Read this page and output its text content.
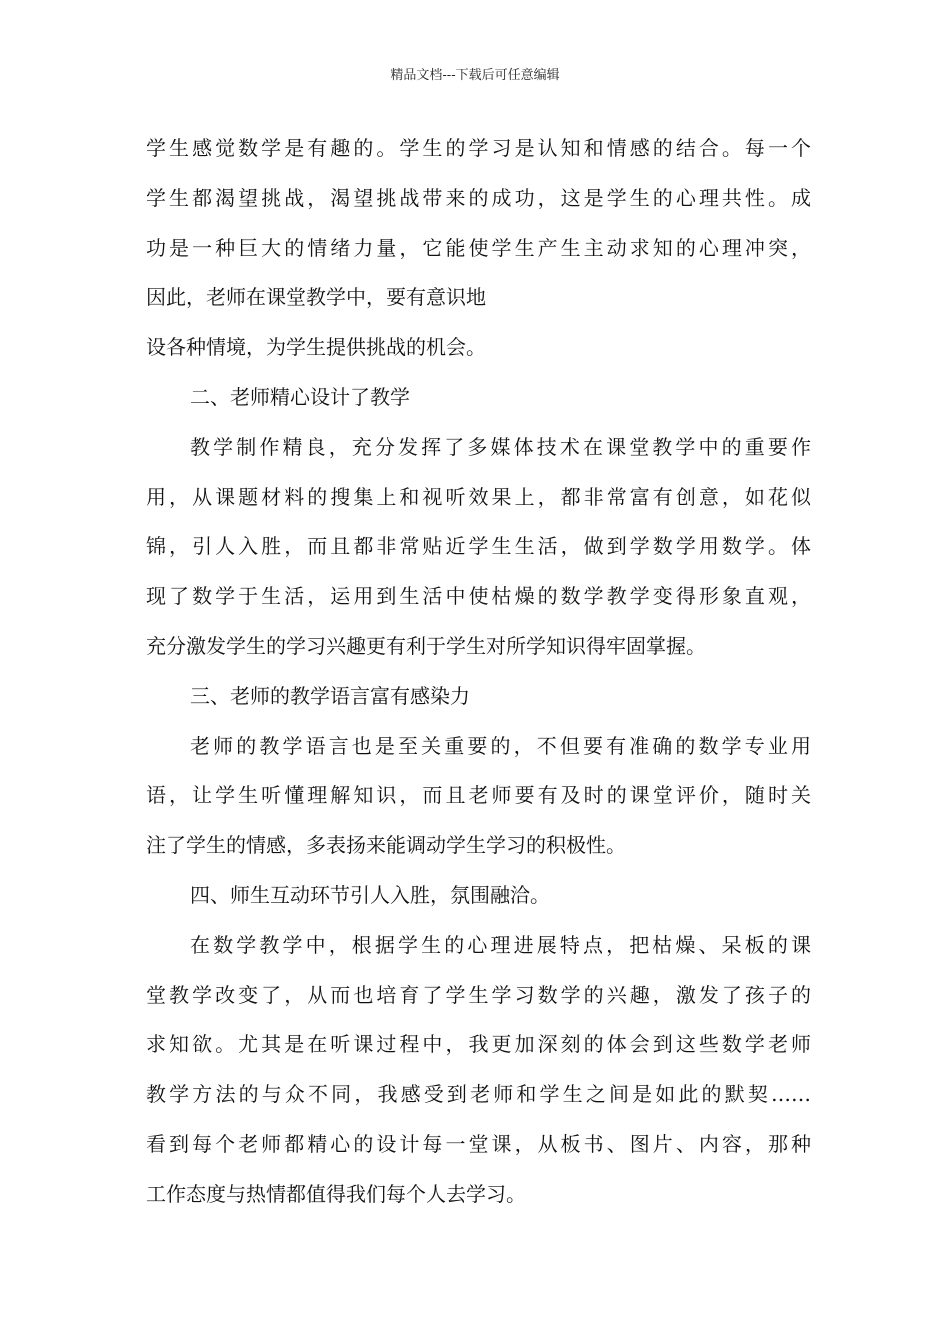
精品文档---下载后可任意编辑
学生感觉数学是有趣的。学生的学习是认知和情感的结合。每一个
学生都渴望挑战，渴望挑战带来的成功，这是学生的心理共性。成
功是一种巨大的情绪力量，它能使学生产生主动求知的心理冲突，
因此，老师在课堂教学中，要有意识地
设各种情境，为学生提供挑战的机会。
二、老师精心设计了教学
教学制作精良，充分发挥了多媒体技术在课堂教学中的重要作
用，从课题材料的搜集上和视听效果上，都非常富有创意，如花似
锦，引人入胜，而且都非常贴近学生生活，做到学数学用数学。体
现了数学于生活，运用到生活中使枯燥的数学教学变得形象直观，
充分激发学生的学习兴趣更有利于学生对所学知识得牢固掌握。
三、老师的教学语言富有感染力
老师的教学语言也是至关重要的，不但要有准确的数学专业用
语，让学生听懂理解知识，而且老师要有及时的课堂评价，随时关
注了学生的情感，多表扬来能调动学生学习的积极性。
四、师生互动环节引人入胜，氛围融洽。
在数学教学中，根据学生的心理进展特点，把枯燥、呆板的课
堂教学改变了，从而也培育了学生学习数学的兴趣，激发了孩子的
求知欲。尤其是在听课过程中，我更加深刻的体会到这些数学老师
教学方法的与众不同，我感受到老师和学生之间是如此的默契……
看到每个老师都精心的设计每一堂课，从板书、图片、内容，那种
工作态度与热情都值得我们每个人去学习。
